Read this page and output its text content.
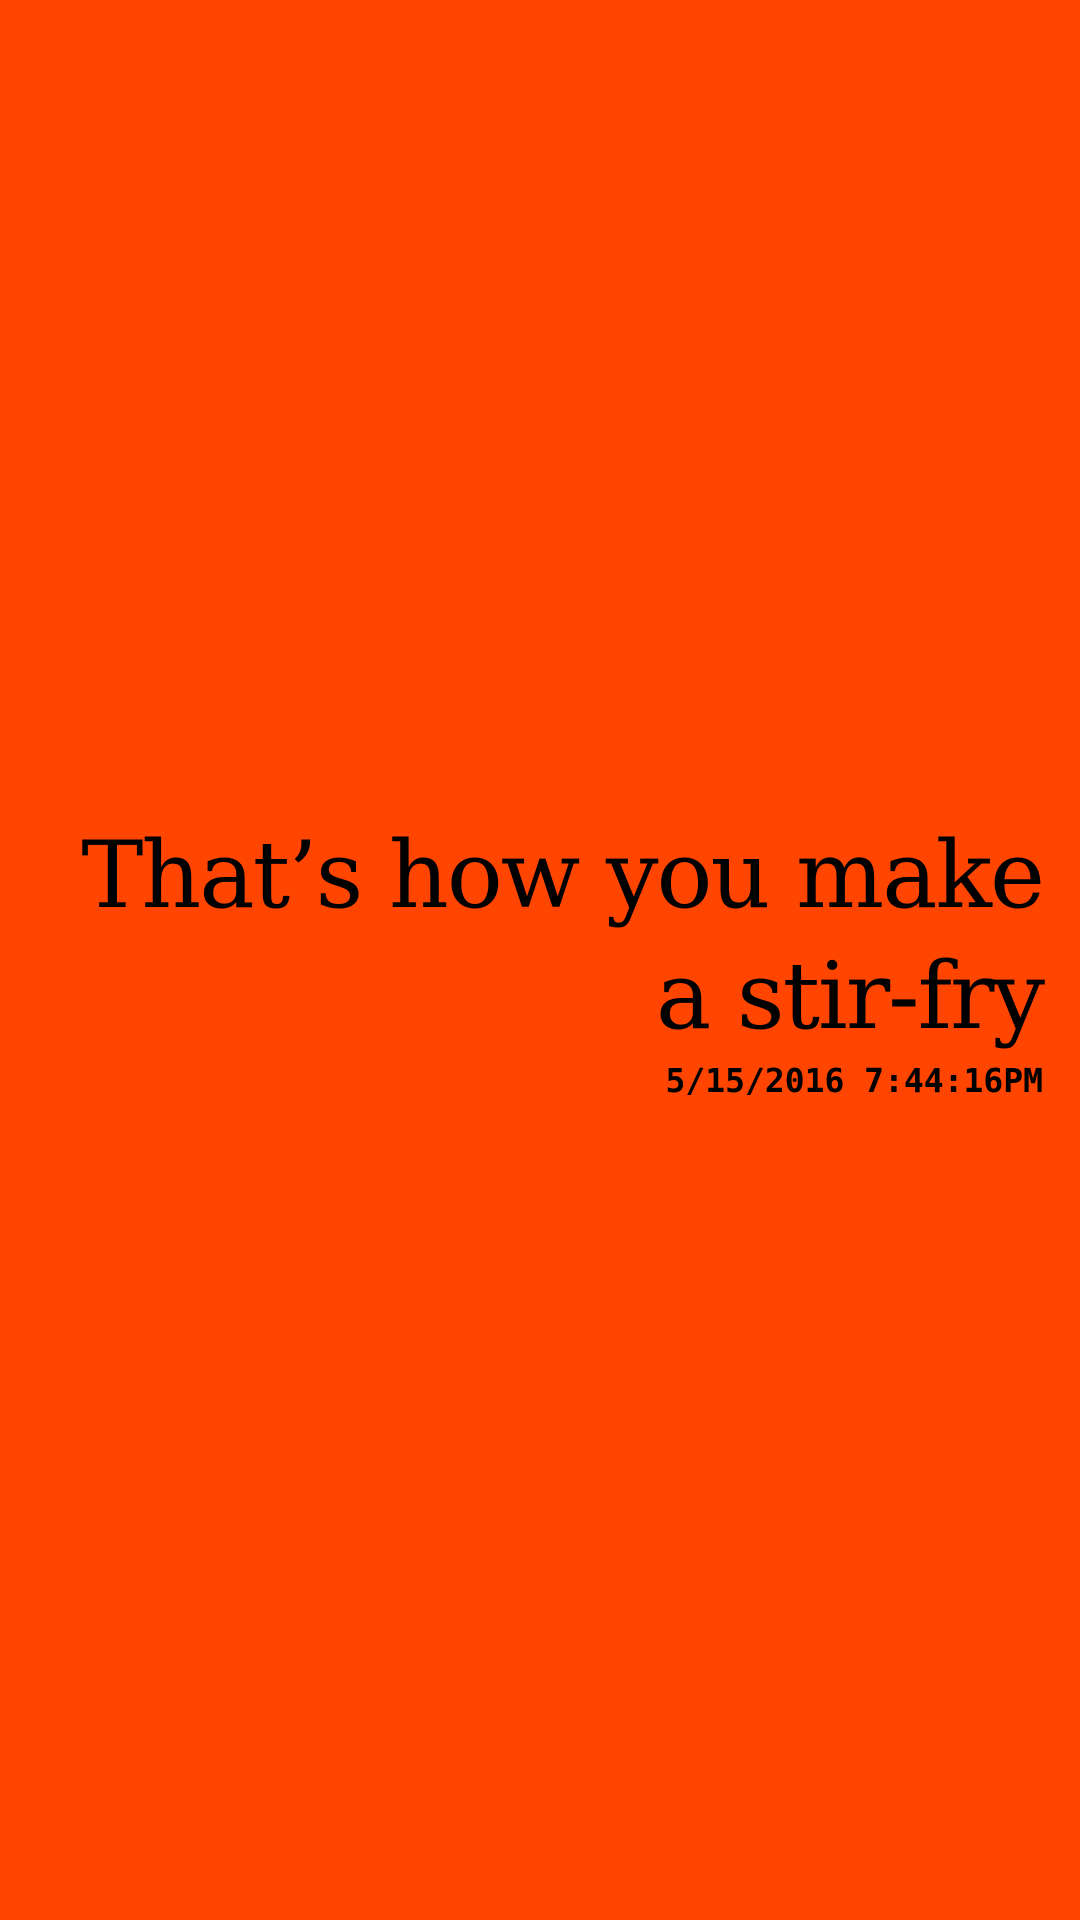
That’s how you make a stir-fry
5/15/2016 7:44:16PM
